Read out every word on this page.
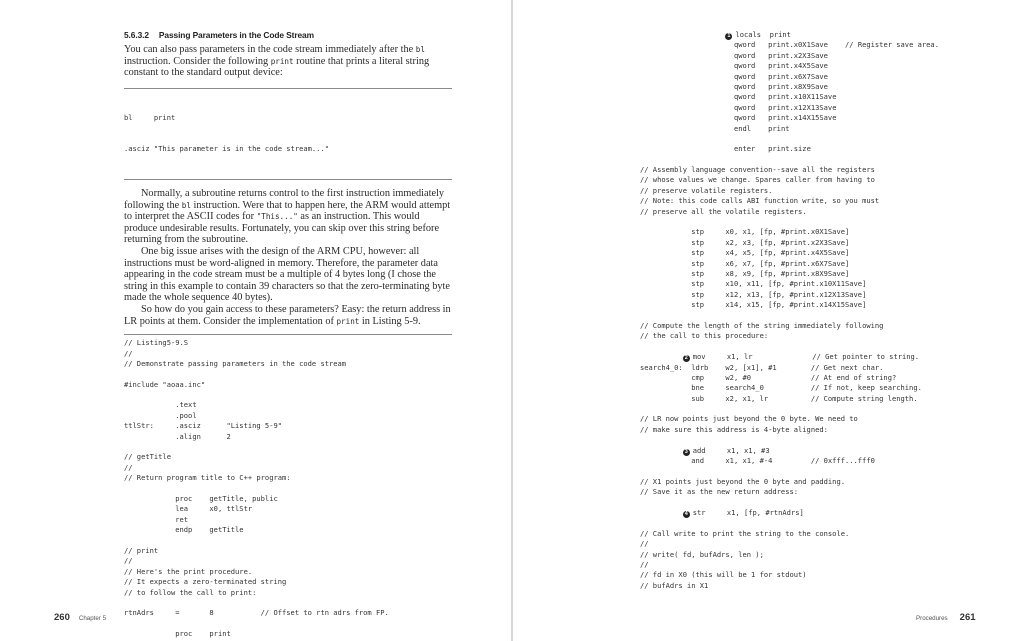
5.6.3.2 Passing Parameters in the Code Stream

You can also pass parameters in the code stream immediately after the bl instruction. Consider the following print routine that prints a literal string constant to the standard output device:

bl     print

.asciz "This parameter is in the code stream..."

Normally, a subroutine returns control to the first instruction immediately following the bl instruction. Were that to happen here, the ARM would attempt to interpret the ASCII codes for "This..." as an instruction. This would produce undesirable results. Fortunately, you can skip over this string before returning from the subroutine.

One big issue arises with the design of the ARM CPU, however: all instructions must be word-aligned in memory. Therefore, the parameter data appearing in the code stream must be a multiple of 4 bytes long (I chose the string in this example to contain 39 characters so that the zero-terminating byte made the whole sequence 40 bytes).

So how do you gain access to these parameters? Easy: the return address in LR points at them. Consider the implementation of print in Listing 5-9.

// Listing5-9.S
//
// Demonstrate passing parameters in the code stream
#include "aoaa.inc"
.text
.pool
ttlStr:     .asciz      "Listing 5-9"
.align      2
// getTitle
//
// Return program title to C++ program:
proc    getTitle, public
lea     x0, ttlStr
ret
endp    getTitle
// print
//
// Here's the print procedure.
// It expects a zero-terminated string
// to follow the call to print:
rtnAdrs     =       8           // Offset to rtn adrs from FP.
proc    print
260 Chapter 5
1 locals  print
qword   print.x0X1Save    // Register save area.
qword   print.x2X3Save
qword   print.x4X5Save
qword   print.x6X7Save
qword   print.x8X9Save
qword   print.x10X11Save
qword   print.x12X13Save
qword   print.x14X15Save
endl    print

enter   print.size

// Assembly language convention--save all the registers
// whose values we change. Spares caller from having to
// preserve volatile registers.
// Note: this code calls ABI function write, so you must
// preserve all the volatile registers.

stp     x0, x1, [fp, #print.x0X1Save]
stp     x2, x3, [fp, #print.x2X3Save]
stp     x4, x5, [fp, #print.x4X5Save]
stp     x6, x7, [fp, #print.x6X7Save]
stp     x8, x9, [fp, #print.x8X9Save]
stp     x10, x11, [fp, #print.x10X11Save]
stp     x12, x13, [fp, #print.x12X13Save]
stp     x14, x15, [fp, #print.x14X15Save]

// Compute the length of the string immediately following
// the call to this procedure:

2 mov     x1, lr              // Get pointer to string.
search4_0:  ldrb    w2, [x1], #1        // Get next char.
cmp     w2, #0              // At end of string?
bne     search4_0           // If not, keep searching.
sub     x2, x1, lr          // Compute string length.

// LR now points just beyond the 0 byte. We need to
// make sure this address is 4-byte aligned:

3 add     x1, x1, #3
and     x1, x1, #-4         // 0xfff...fff0

// X1 points just beyond the 0 byte and padding.
// Save it as the new return address:

4 str     x1, [fp, #rtnAdrs]

// Call write to print the string to the console.
//
// write( fd, bufAdrs, len );
//
// fd in X0 (this will be 1 for stdout)
// bufAdrs in X1
Procedures 261
